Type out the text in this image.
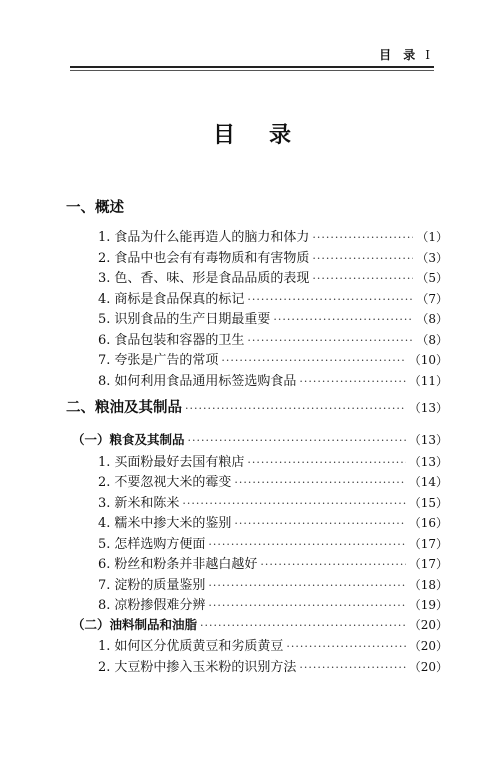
目 录 I
目录
一、概述
1. 食品为什么能再造人的脑力和体力 ·····	（1）
2. 食品中也会有有毒物质和有害物质 ·····	（3）
3. 色、香、味、形是食品品质的表现 ·····	（5）
4. 商标是食品保真的标记 ·····	（7）
5. 识别食品的生产日期最重要 ·····	（8）
6. 食品包装和容器的卫生 ·····	（8）
7. 夸张是广告的常项 ·····	（10）
8. 如何利用食品通用标签选购食品 ·····	（11）
二、粮油及其制品 ·····	（13）
（一）粮食及其制品 ·····	（13）
1. 买面粉最好去国有粮店 ·····	（13）
2. 不要忽视大米的霉变 ·····	（14）
3. 新米和陈米 ·····	（15）
4. 糯米中掺大米的鉴别 ·····	（16）
5. 怎样选购方便面 ·····	（17）
6. 粉丝和粉条并非越白越好 ·····	（17）
7. 淀粉的质量鉴别 ·····	（18）
8. 凉粉掺假难分辨 ·····	（19）
（二）油料制品和油脂 ·····	（20）
1. 如何区分优质黄豆和劣质黄豆 ·····	（20）
2. 大豆粉中掺入玉米粉的识别方法 ·····	（20）
